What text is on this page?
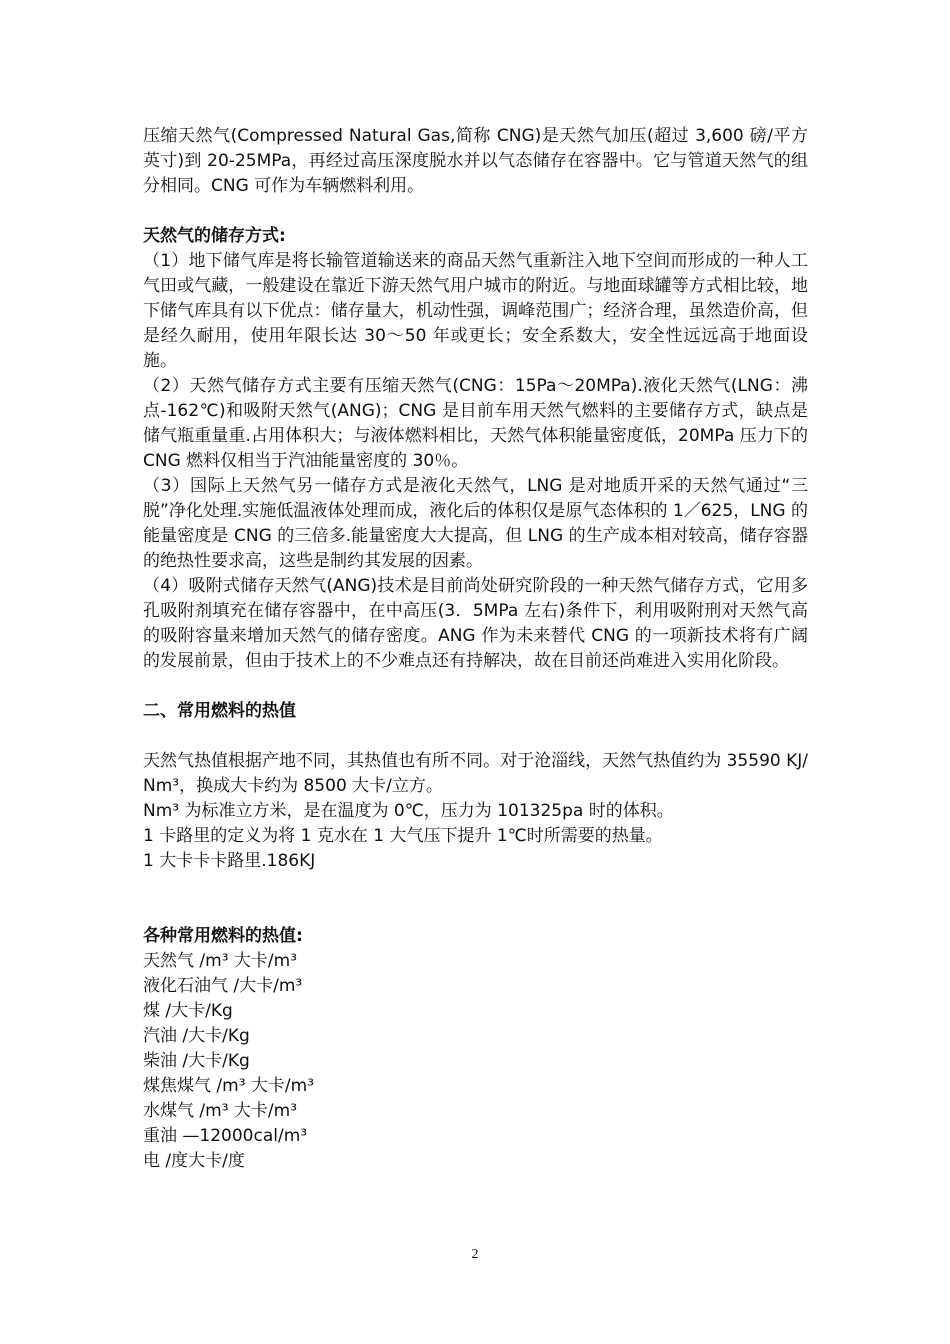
压缩天然气(Compressed Natural Gas,简称 CNG)是天然气加压(超过 3,600 磅/平方英寸)到 20-25MPa，再经过高压深度脱水并以气态储存在容器中。它与管道天然气的组分相同。CNG 可作为车辆燃料利用。

天然气的储存方式:

（1）地下储气库是将长输管道输送来的商品天然气重新注入地下空间而形成的一种人工气田或气藏，一般建设在靠近下游天然气用户城市的附近。与地面球罐等方式相比较，地下储气库具有以下优点：储存量大，机动性强，调峰范围广；经济合理，虽然造价高，但是经久耐用，使用年限长达 30～50 年或更长；安全系数大，安全性远远高于地面设施。

（2）天然气储存方式主要有压缩天然气(CNG：15Pa～20MPa).液化天然气(LNG：沸点-162℃)和吸附天然气(ANG)；CNG 是目前车用天然气燃料的主要储存方式，缺点是储气瓶重量重.占用体积大；与液体燃料相比，天然气体积能量密度低，20MPa 压力下的 CNG 燃料仅相当于汽油能量密度的 30％。

（3）国际上天然气另一储存方式是液化天然气，LNG 是对地质开采的天然气通过“三脱”净化处理.实施低温液体处理而成，液化后的体积仅是原气态体积的 1／625，LNG 的能量密度是 CNG 的三倍多.能量密度大大提高，但 LNG 的生产成本相对较高，储存容器的绝热性要求高，这些是制约其发展的因素。

（4）吸附式储存天然气(ANG)技术是目前尚处研究阶段的一种天然气储存方式，它用多孔吸附剂填充在储存容器中，在中高压(3．5MPa 左右)条件下，利用吸附刑对天然气高的吸附容量来增加天然气的储存密度。ANG 作为未来替代 CNG 的一项新技术将有广阔的发展前景，但由于技术上的不少难点还有持解决，故在目前还尚难进入实用化阶段。

二、常用燃料的热值

天然气热值根据产地不同，其热值也有所不同。对于沧淄线，天然气热值约为 35590 KJ/Nm³，换成大卡约为 8500 大卡/立方。

Nm³ 为标准立方米，是在温度为 0℃，压力为 101325pa 时的体积。

1 卡路里的定义为将 1 克水在 1 大气压下提升 1℃时所需要的热量。

1 大卡卡卡路里.186KJ

各种常用燃料的热值:

天然气 /m³ 大卡/m³

液化石油气 /大卡/m³

煤 /大卡/Kg

汽油 /大卡/Kg

柴油 /大卡/Kg

煤焦煤气 /m³ 大卡/m³

水煤气 /m³ 大卡/m³

重油 —12000cal/m³

电 /度大卡/度

2
